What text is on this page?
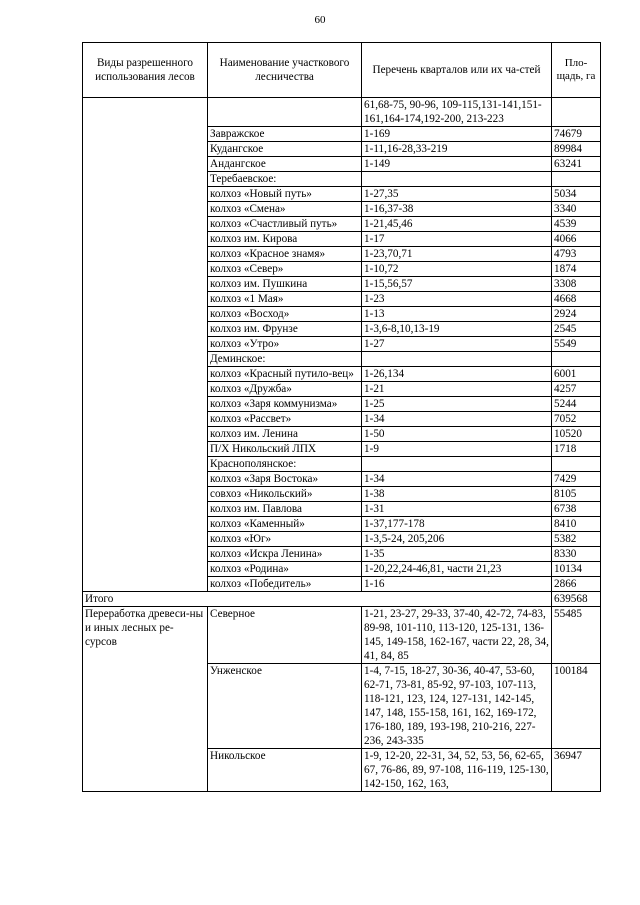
60
Виды разрешенного использования лесов	Наименование участкового лесничества	Перечень кварталов или их ча-стей	Пло-щадь, га
		61,68-75, 90-96, 109-115,131-141,151-161,164-174,192-200, 213-223	
	Завражское	1-169	74679
	Кудангское	1-11,16-28,33-219	89984
	Андангское	1-149	63241
	Теребаевское:		
	колхоз «Новый путь»	1-27,35	5034
	колхоз «Смена»	1-16,37-38	3340
	колхоз «Счастливый путь»	1-21,45,46	4539
	колхоз им. Кирова	1-17	4066
	колхоз «Красное знамя»	1-23,70,71	4793
	колхоз «Север»	1-10,72	1874
	колхоз им. Пушкина	1-15,56,57	3308
	колхоз «1 Мая»	1-23	4668
	колхоз «Восход»	1-13	2924
	колхоз им. Фрунзе	1-3,6-8,10,13-19	2545
	колхоз «Утро»	1-27	5549
	Деминское:		
	колхоз «Красный путило-вец»	1-26,134	6001
	колхоз «Дружба»	1-21	4257
	колхоз «Заря коммунизма»	1-25	5244
	колхоз «Рассвет»	1-34	7052
	колхоз им. Ленина	1-50	10520
	П/Х Никольский ЛПХ	1-9	1718
	Краснополянское:		
	колхоз «Заря Востока»	1-34	7429
	совхоз «Никольский»	1-38	8105
	колхоз им. Павлова	1-31	6738
	колхоз «Каменный»	1-37,177-178	8410
	колхоз «Юг»	1-3,5-24, 205,206	5382
	колхоз «Искра Ленина»	1-35	8330
	колхоз «Родина»	1-20,22,24-46,81, части 21,23	10134
	колхоз «Победитель»	1-16	2866
Итого			639568
Переработка древеси-ны и иных лесных ре-сурсов	Северное	1-21, 23-27, 29-33, 37-40, 42-72, 74-83, 89-98, 101-110, 113-120, 125-131, 136-145, 149-158, 162-167, части 22, 28, 34, 41, 84, 85	55485
	Унженское	1-4, 7-15, 18-27, 30-36, 40-47, 53-60, 62-71, 73-81, 85-92, 97-103, 107-113, 118-121, 123, 124, 127-131, 142-145, 147, 148, 155-158, 161, 162, 169-172, 176-180, 189, 193-198, 210-216, 227-236, 243-335	100184
	Никольское	1-9, 12-20, 22-31, 34, 52, 53, 56, 62-65, 67, 76-86, 89, 97-108, 116-119, 125-130, 142-150, 162, 163,	36947
